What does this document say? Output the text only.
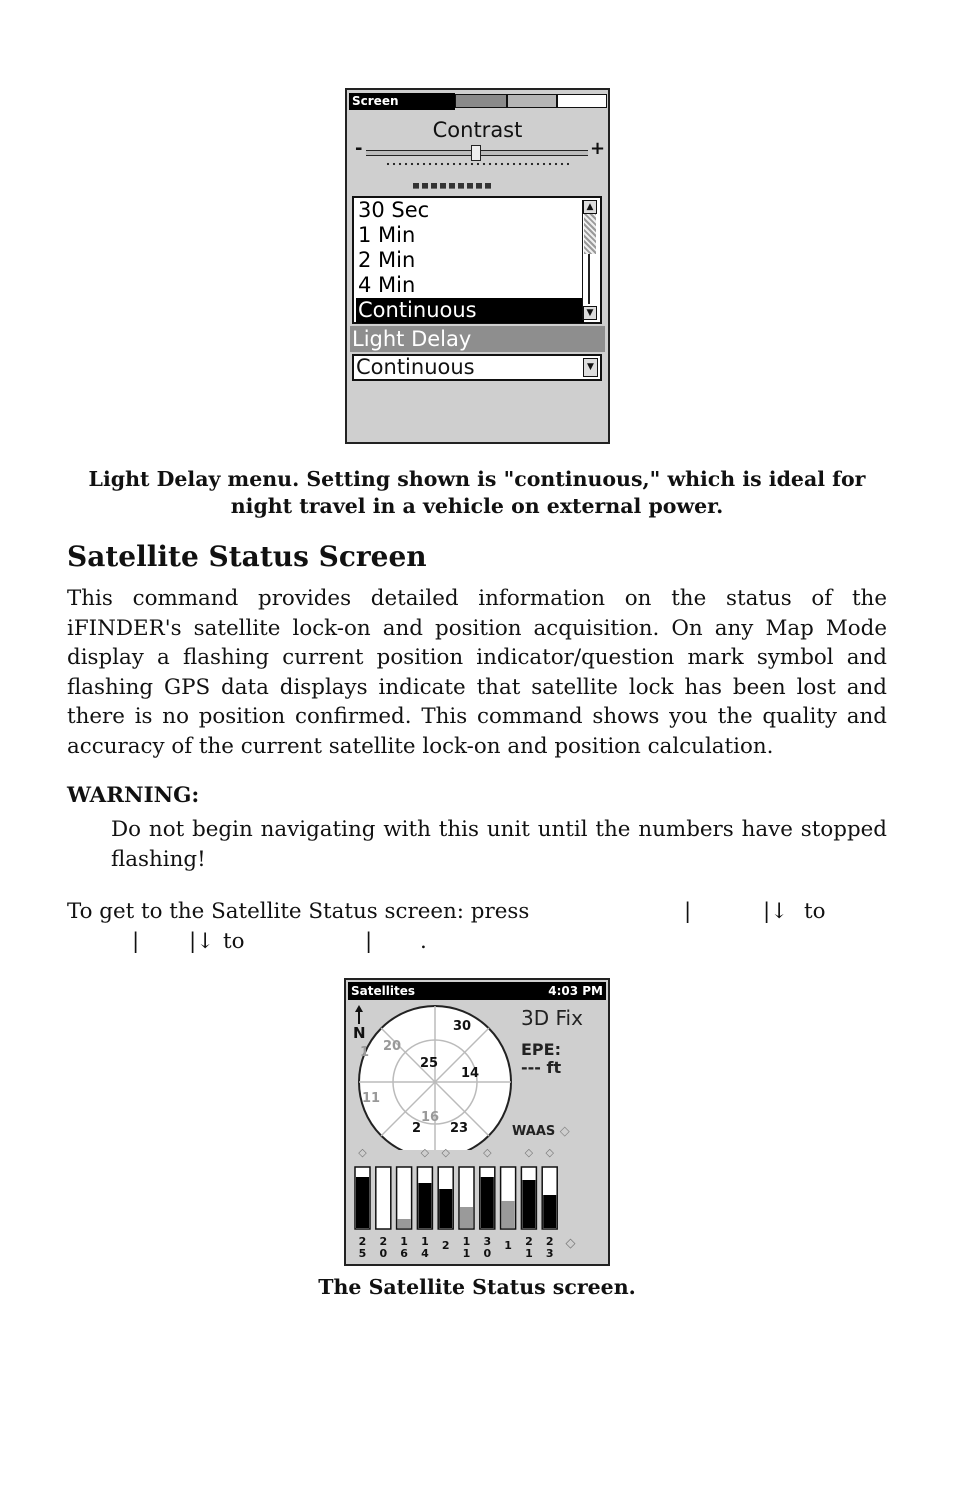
Screen
Contrast
-	+
30 Sec
1 Min
2 Min
4 Min
Continuous
▲
▼
Light Delay
Continuous	▼
Light Delay menu. Setting shown is "continuous," which is ideal for night travel in a vehicle on external power.
Satellite Status Screen
This command provides detailed information on the status of the iFINDER's satellite lock-on and position acquisition. On any Map Mode display a flashing current position indicator/question mark symbol and flashing GPS data displays indicate that satellite lock has been lost and there is no position confirmed. This command shows you the quality and accuracy of the current satellite lock-on and position calculation.
WARNING:
Do not begin navigating with this unit until the numbers have stopped flashing!
To get to the Satellite Status screen: press	|	|↓ to
| |↓ to	| .
Satellites	4:03 PM
N	30
20
1
25
14
11
16
2 23
3D Fix
EPE:
--- ft
WAAS ◇
◇
2
5
2
0
1
6
◇
1
4
◇
2 1
1
◇
3
0
1
◇
2
1
◇
2
3
◇
The Satellite Status screen.
